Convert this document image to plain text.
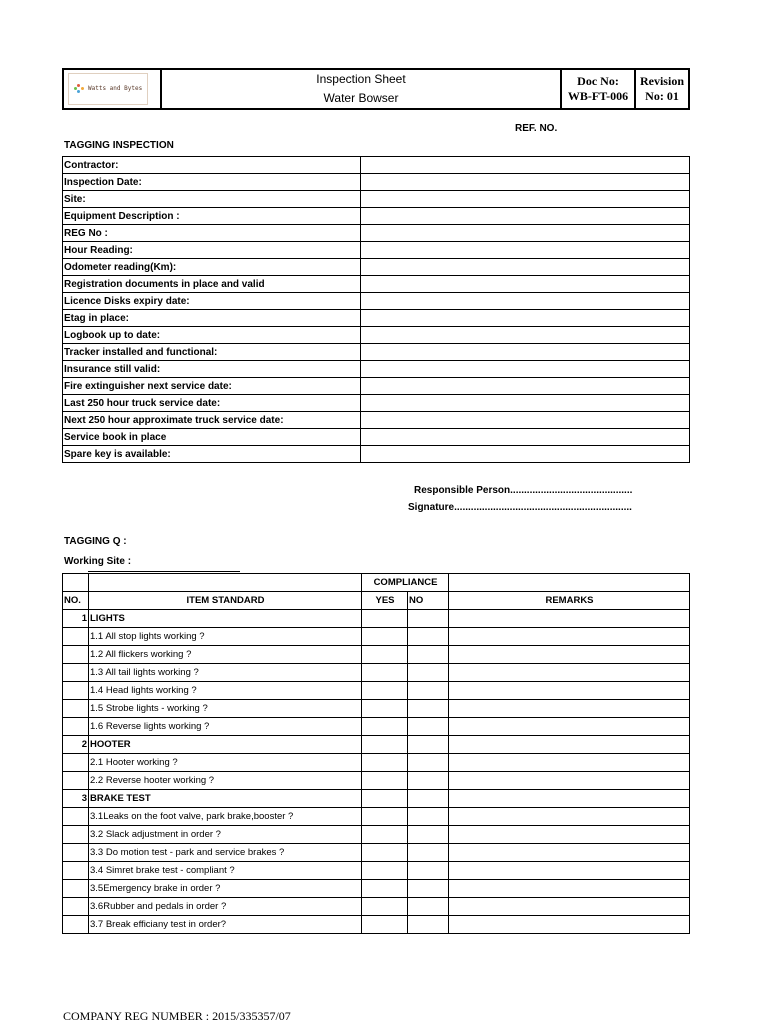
Watts and Bytes

Inspection Sheet
Water Bowser

Doc No:
WB-FT-006

Revision
No: 01
REF. NO.
TAGGING INSPECTION
Contractor:	
Inspection Date:	
Site:	
Equipment Description :	
REG No :	
Hour Reading:	
Odometer reading(Km):	
Registration documents in place and valid	
Licence Disks expiry date:	
Etag in place:	
Logbook up to date:	
Tracker installed and functional:	
Insurance still valid:	
Fire extinguisher next service date:	
Last 250 hour truck service date:	
Next 250 hour approximate truck service date:	
Service book in place	
Spare key is available:	
Responsible Person............................................
Signature................................................................
TAGGING Q :
Working Site :
		COMPLIANCE		
NO.	ITEM STANDARD	YES	NO	REMARKS
1	LIGHTS			
	1.1 All stop lights working ?			
	1.2 All flickers working ?			
	1.3 All tail lights working ?			
	1.4 Head lights working ?			
	1.5 Strobe lights - working ?			
	1.6 Reverse lights working ?			
2	HOOTER			
	2.1 Hooter working ?			
	2.2 Reverse hooter working ?			
3	BRAKE TEST			
	3.1Leaks on the foot valve, park brake,booster ?			
	3.2 Slack adjustment in order ?			
	3.3 Do motion test - park and service brakes ?			
	3.4 Simret brake test - compliant ?			
	3.5Emergency brake in order ?			
	3.6Rubber and pedals in order ?			
	3.7 Break efficiany test in order?			
COMPANY REG NUMBER : 2015/335357/07
